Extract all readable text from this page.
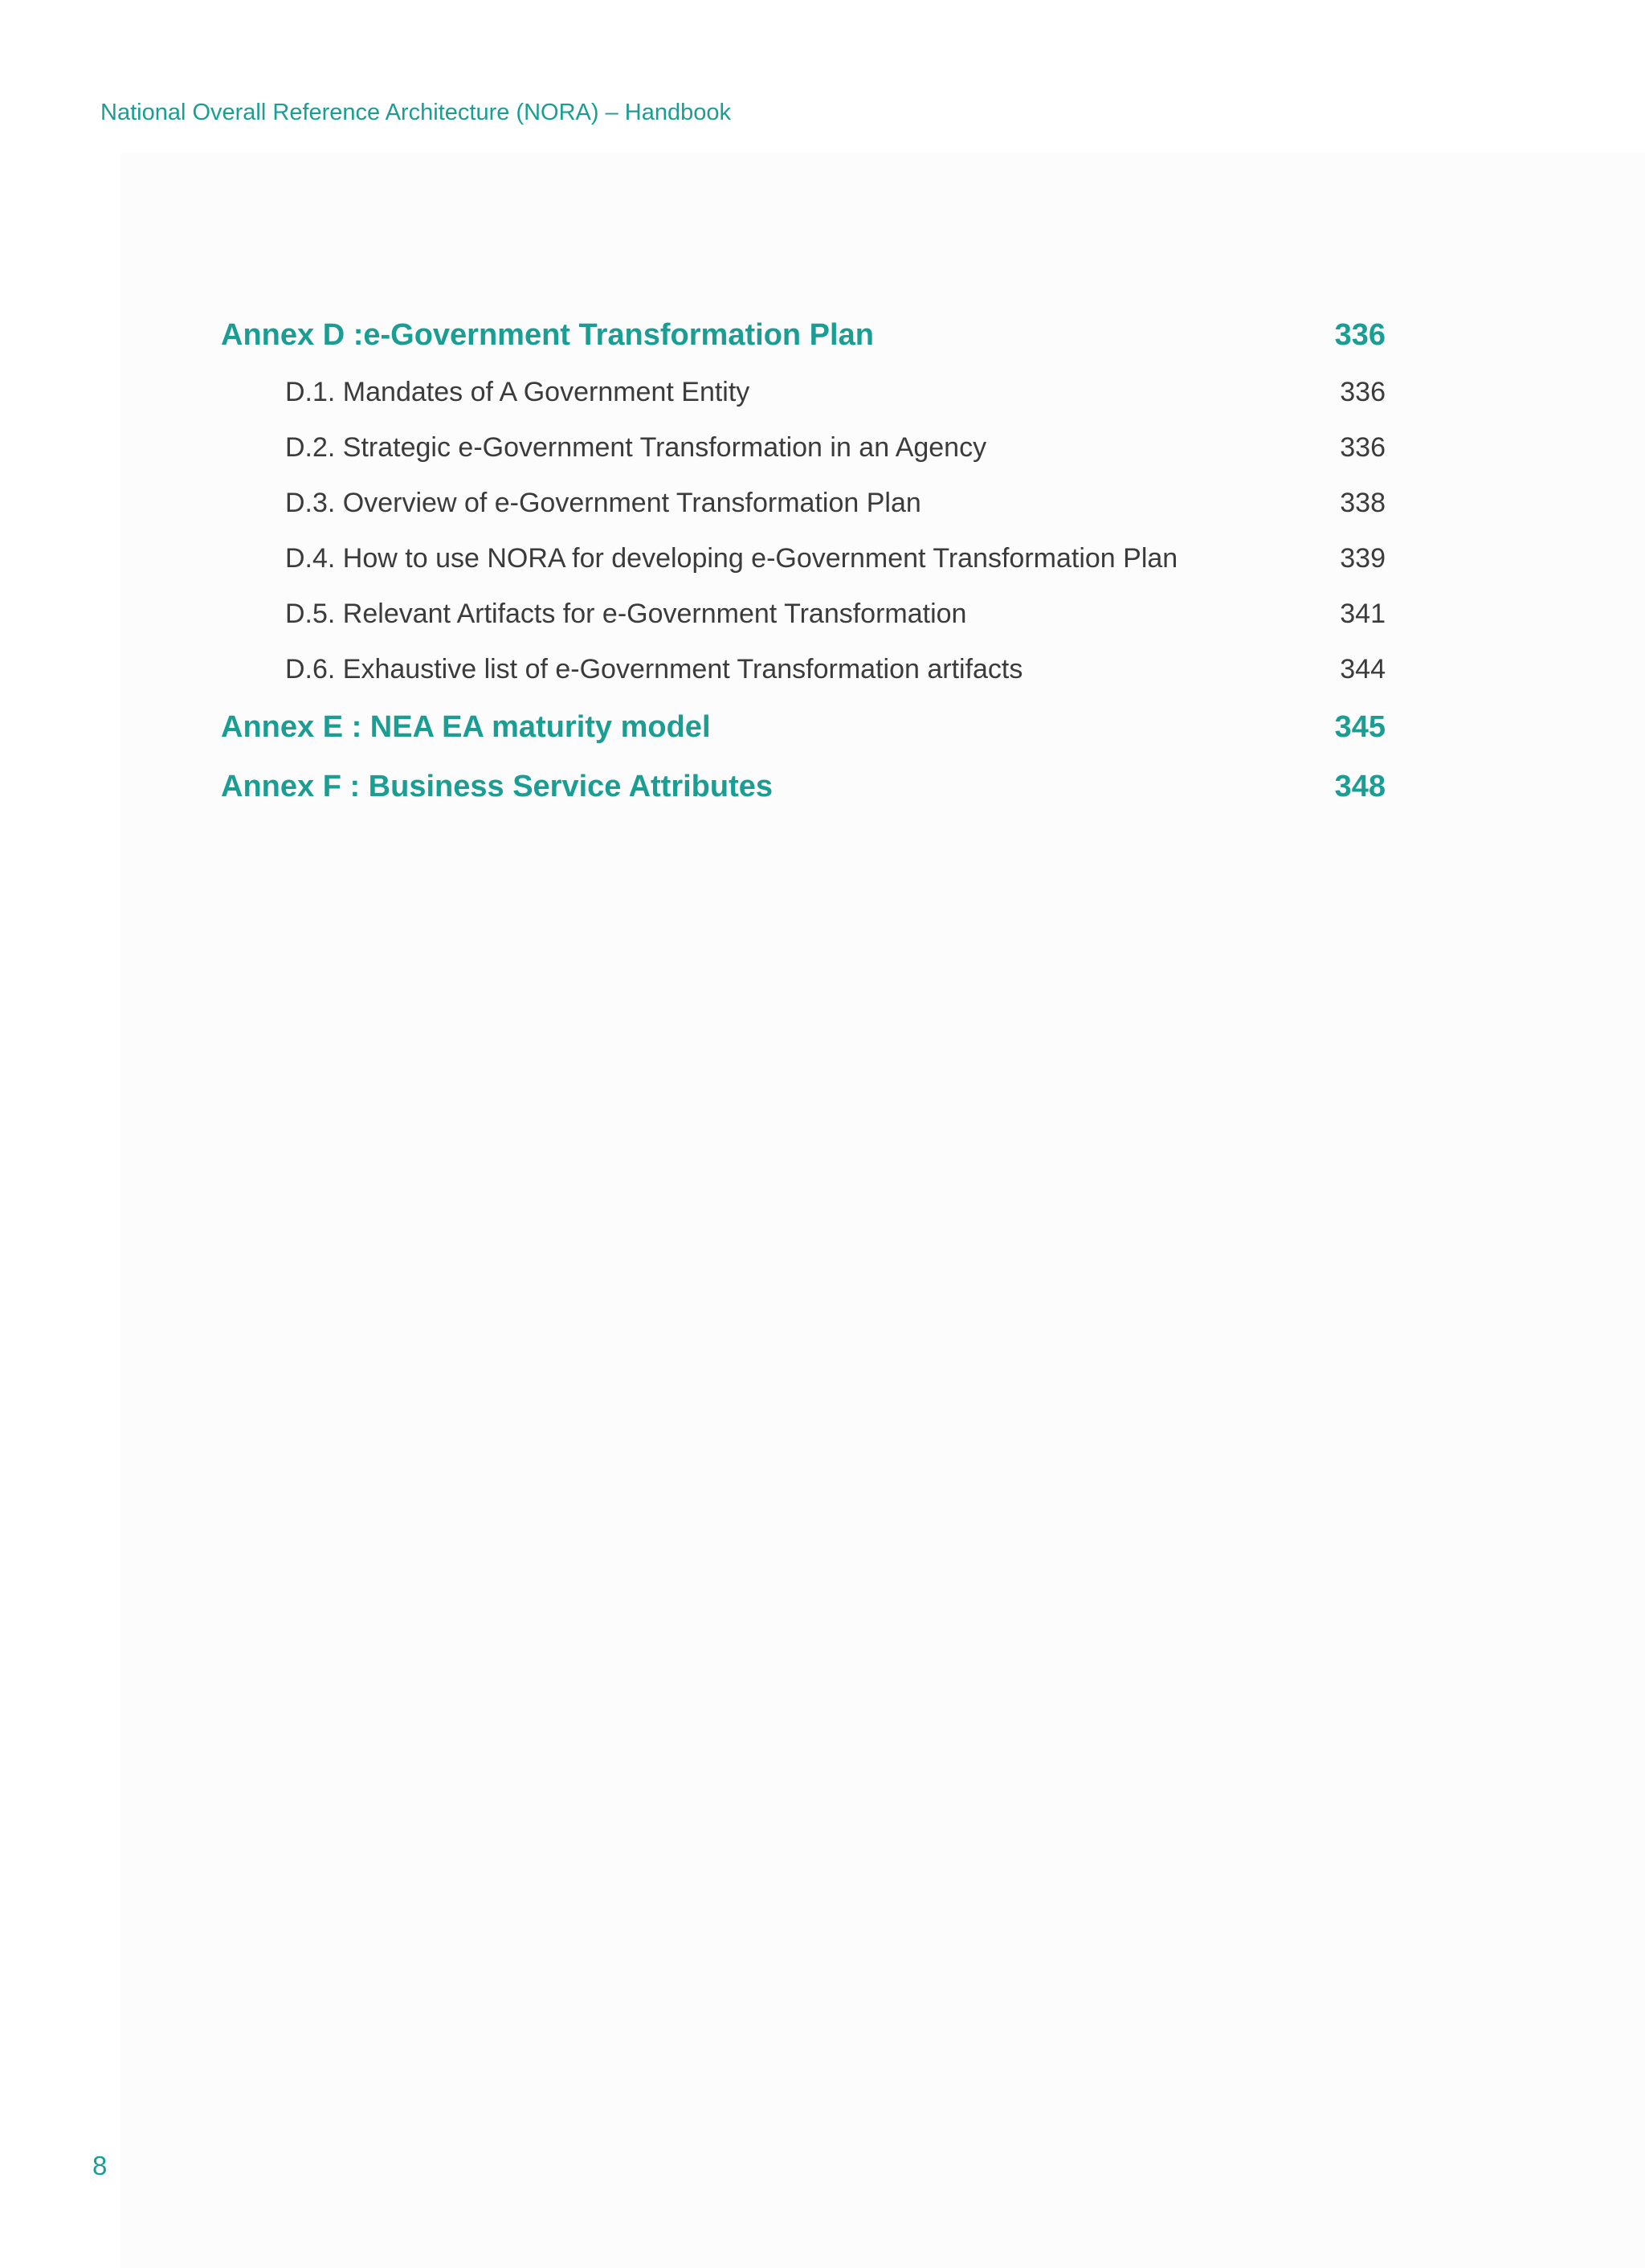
National Overall Reference Architecture (NORA) – Handbook
Annex D :e-Government Transformation Plan	336
D.1. Mandates of A Government Entity	336
D.2. Strategic e-Government Transformation in an Agency	336
D.3. Overview of e-Government Transformation Plan	338
D.4. How to use NORA for developing e-Government Transformation Plan	339
D.5. Relevant Artifacts for e-Government Transformation	341
D.6. Exhaustive list of e-Government Transformation artifacts	344
Annex E : NEA EA maturity model	345
Annex F : Business Service Attributes	348
8
